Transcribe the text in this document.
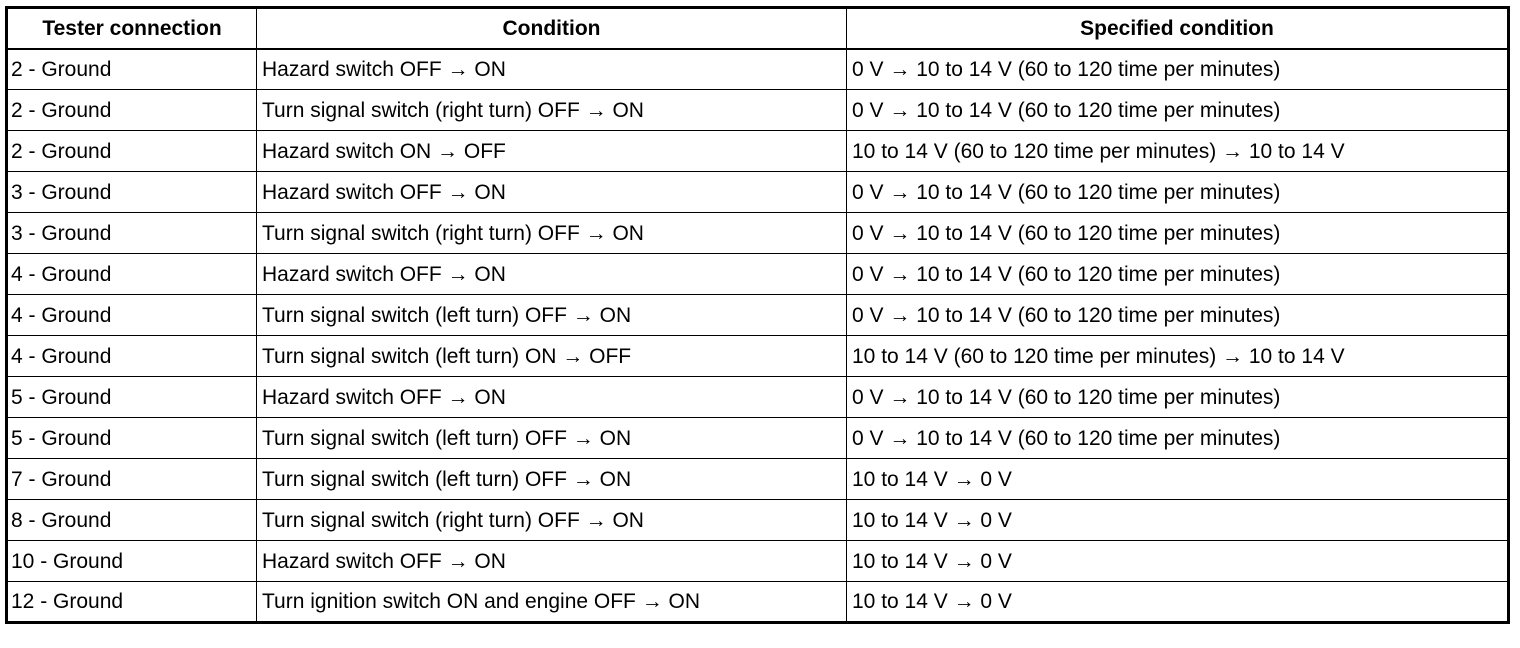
Tester connection	Condition	Specified condition
2 - Ground	Hazard switch OFF → ON	0 V → 10 to 14 V (60 to 120 time per minutes)
2 - Ground	Turn signal switch (right turn) OFF → ON	0 V → 10 to 14 V (60 to 120 time per minutes)
2 - Ground	Hazard switch ON → OFF	10 to 14 V (60 to 120 time per minutes) → 10 to 14 V
3 - Ground	Hazard switch OFF → ON	0 V → 10 to 14 V (60 to 120 time per minutes)
3 - Ground	Turn signal switch (right turn) OFF → ON	0 V → 10 to 14 V (60 to 120 time per minutes)
4 - Ground	Hazard switch OFF → ON	0 V → 10 to 14 V (60 to 120 time per minutes)
4 - Ground	Turn signal switch (left turn) OFF → ON	0 V → 10 to 14 V (60 to 120 time per minutes)
4 - Ground	Turn signal switch (left turn) ON → OFF	10 to 14 V (60 to 120 time per minutes) → 10 to 14 V
5 - Ground	Hazard switch OFF → ON	0 V → 10 to 14 V (60 to 120 time per minutes)
5 - Ground	Turn signal switch (left turn) OFF → ON	0 V → 10 to 14 V (60 to 120 time per minutes)
7 - Ground	Turn signal switch (left turn) OFF → ON	10 to 14 V → 0 V
8 - Ground	Turn signal switch (right turn) OFF → ON	10 to 14 V → 0 V
10 - Ground	Hazard switch OFF → ON	10 to 14 V → 0 V
12 - Ground	Turn ignition switch ON and engine OFF → ON	10 to 14 V → 0 V
